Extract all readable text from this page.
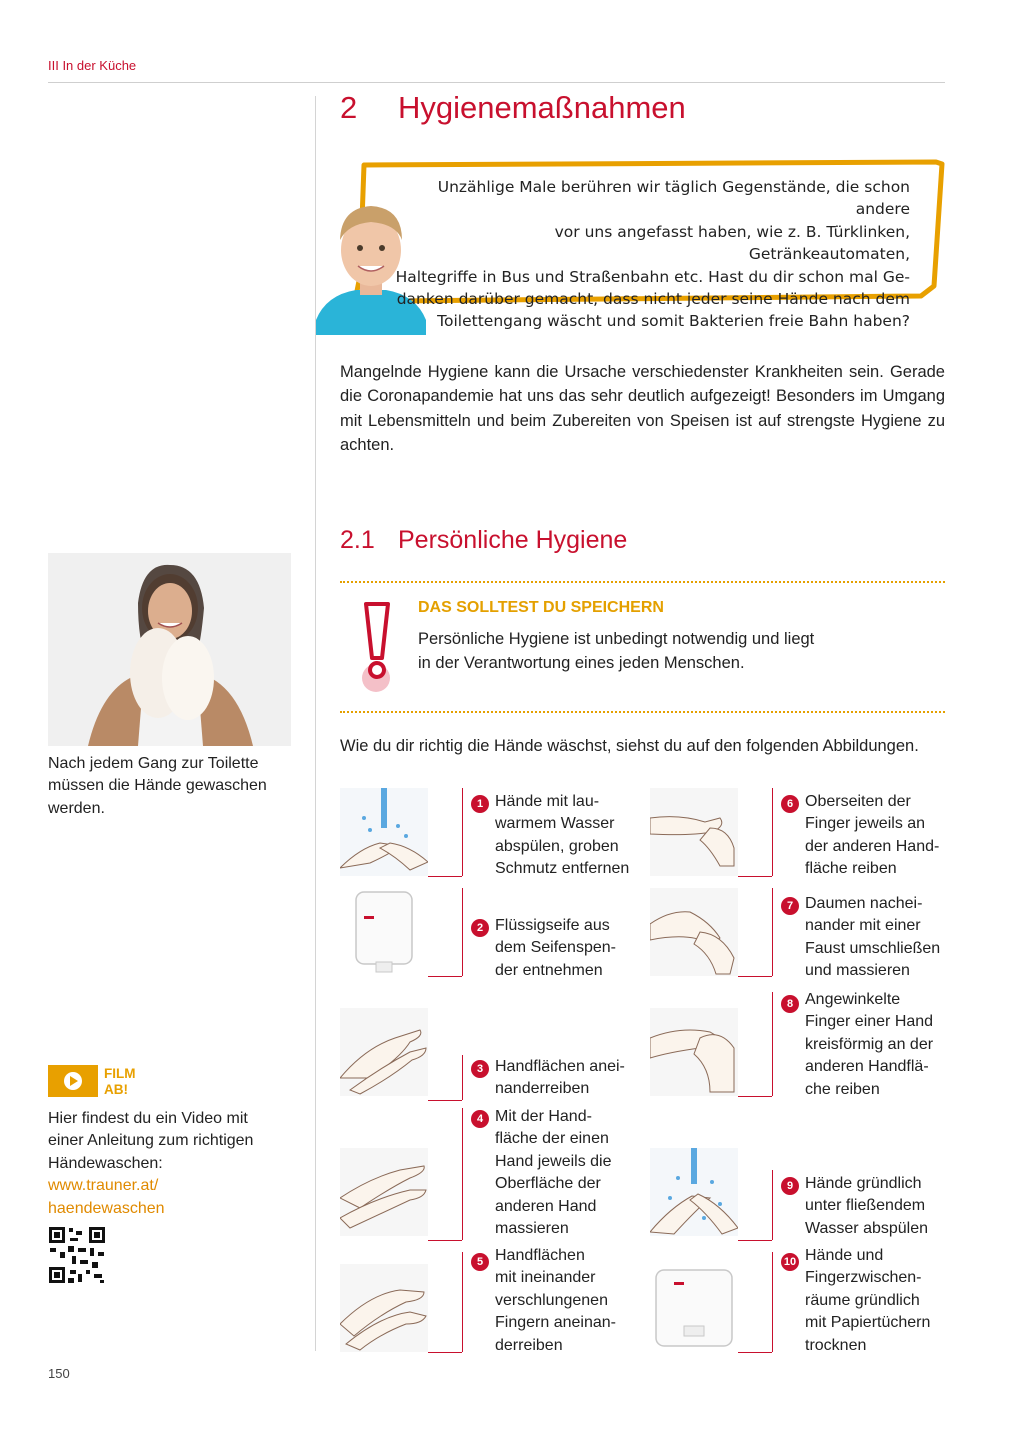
III In der Küche
2 Hygienemaßnahmen
Unzählige Male berühren wir täglich Gegenstände, die schon andere
vor uns angefasst haben, wie z. B. Türklinken, Getränkeautomaten,
Haltegriffe in Bus und Straßenbahn etc. Hast du dir schon mal Ge-
danken darüber gemacht, dass nicht jeder seine Hände nach dem
Toilettengang wäscht und somit Bakterien freie Bahn haben?
Mangelnde Hygiene kann die Ursache verschiedenster Krankheiten sein. Gerade die Coronapandemie hat uns das sehr deutlich aufgezeigt! Besonders im Umgang mit Lebensmitteln und beim Zubereiten von Speisen ist auf strengste Hygiene zu achten.
2.1 Persönliche Hygiene
DAS SOLLTEST DU SPEICHERN
Persönliche Hygiene ist unbedingt notwendig und liegt
in der Verantwortung eines jeden Menschen.
Wie du dir richtig die Hände wäschst, siehst du auf den folgenden Abbildungen.
Nach jedem Gang zur Toilette
müssen die Hände gewaschen
werden.
FILM
AB!
Hier findest du ein Video mit
einer Anleitung zum richtigen
Händewaschen:
www.trauner.at/
haendewaschen
150
1 Hände mit lau-
warmem Wasser
abspülen, groben
Schmutz entfernen
2 Flüssigseife aus
dem Seifenspen-
der entnehmen
3 Handflächen anei-
nanderreiben
4 Mit der Hand-
fläche der einen
Hand jeweils die
Oberfläche der
anderen Hand
massieren
5 Handflächen
mit ineinander
verschlungenen
Fingern aneinan-
derreiben
6 Oberseiten der
Finger jeweils an
der anderen Hand-
fläche reiben
7 Daumen nachei-
nander mit einer
Faust umschließen
und massieren
8 Angewinkelte
Finger einer Hand
kreisförmig an der
anderen Handflä-
che reiben
9 Hände gründlich
unter fließendem
Wasser abspülen
10 Hände und
Fingerzwischen-
räume gründlich
mit Papiertüchern
trocknen
